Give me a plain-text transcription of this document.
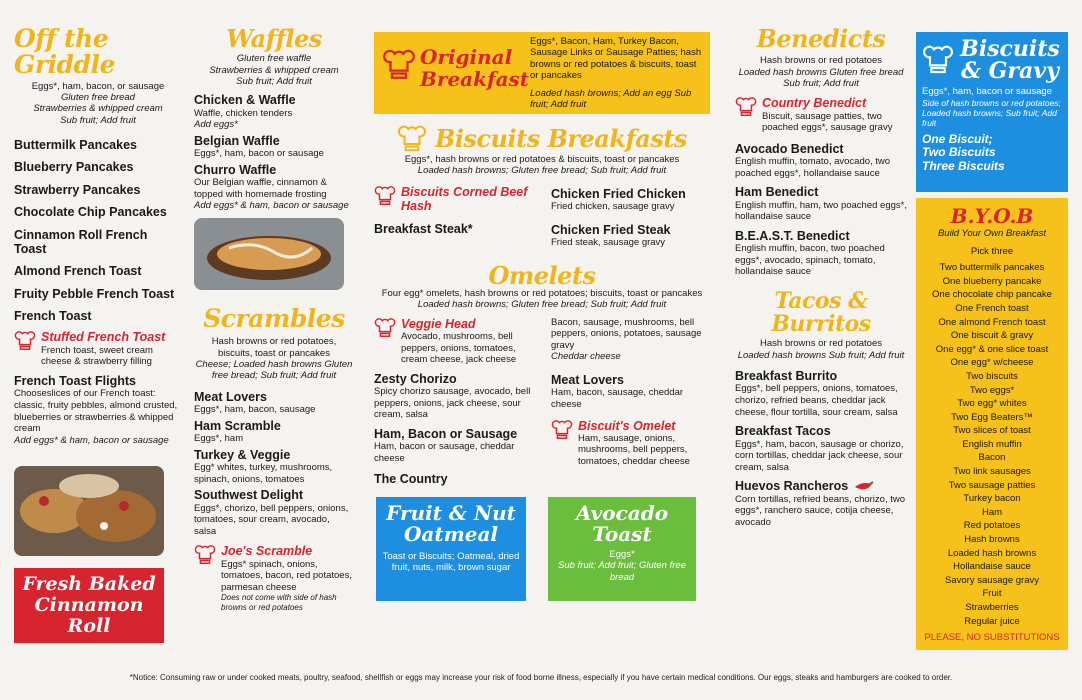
Off the Griddle
Eggs*, ham, bacon, or sausage
Gluten free bread
Strawberries & whipped cream
Sub fruit; Add fruit
Buttermilk Pancakes
Blueberry Pancakes
Strawberry Pancakes
Chocolate Chip Pancakes
Cinnamon Roll French Toast
Almond French Toast
Fruity Pebble French Toast
French Toast
Stuffed French Toast
French toast, sweet cream cheese & strawberry filling
French Toast Flights
Chooseslices of our French toast: classic, fruity pebbles, almond crusted, blueberries or strawberries & whipped cream
Add eggs* & ham, bacon or sausage
Fresh Baked Cinnamon Roll
Waffles
Gluten free waffle
Strawberries & whipped cream
Sub fruit; Add fruit
Chicken & Waffle
Waffle, chicken tenders
Add eggs*
Belgian Waffle
Eggs*, ham, bacon or sausage
Churro Waffle
Our Belgian waffle, cinnamon & topped with homemade frosting
Add eggs* & ham, bacon or sausage
Scrambles
Hash browns or red potatoes, biscuits, toast or pancakes
Cheese; Loaded hash browns Gluten free bread; Sub fruit; Add fruit
Meat Lovers
Eggs*, ham, bacon, sausage
Ham Scramble
Eggs*, ham
Turkey & Veggie
Egg* whites, turkey, mushrooms, spinach, onions, tomatoes
Southwest Delight
Eggs*, chorizo, bell peppers, onions, tomatoes, sour cream, avocado, salsa
Joe's Scramble
Eggs* spinach, onions, tomatoes, bacon, red potatoes, parmesan cheese
Does not come with side of hash browns or red potatoes
Original Breakfast
Eggs*, Bacon, Ham, Turkey Bacon, Sausage Links or Sausage Patties; hash browns or red potatoes & biscuits, toast or pancakes
Loaded hash browns; Add an egg Sub fruit; Add fruit
Biscuits Breakfasts
Eggs*, hash browns or red potatoes & biscuits, toast or pancakes
Loaded hash browns; Gluten free bread; Sub fruit; Add fruit
Biscuits Corned Beef Hash
Breakfast Steak*
Chicken Fried Chicken
Fried chicken, sausage gravy
Chicken Fried Steak
Fried steak, sausage gravy
Omelets
Four egg* omelets, hash browns or red potatoes; biscuits, toast or pancakes
Loaded hash browns; Gluten free bread; Sub fruit; Add fruit
Veggie Head
Avocado, mushrooms, bell peppers, onions, tomatoes, cream cheese, jack cheese
Zesty Chorizo
Spicy chorizo sausage, avocado, bell peppers, onions, jack cheese, sour cream, salsa
Ham, Bacon or Sausage
Ham, bacon or sausage, cheddar cheese
The Country
Bacon, sausage, mushrooms, bell peppers, onions, potatoes, sausage gravy
Cheddar cheese
Meat Lovers
Ham, bacon, sausage, cheddar cheese
Biscuit's Omelet
Ham, sausage, onions, mushrooms, bell peppers, tomatoes, cheddar cheese
Fruit & Nut Oatmeal
Toast or Biscuits; Oatmeal, dried fruit, nuts, milk, brown sugar
Avocado Toast
Eggs*
Sub fruit; Add fruit; Gluten free bread
Benedicts
Hash browns or red potatoes
Loaded hash browns Gluten free bread Sub fruit; Add fruit
Country Benedict
Biscuit, sausage patties, two poached eggs*, sausage gravy
Avocado Benedict
English muffin, tomato, avocado, two poached eggs*, hollandaise sauce
Ham Benedict
English muffin, ham, two poached eggs*, hollandaise sauce
B.E.A.S.T. Benedict
English muffin, bacon, two poached eggs*, avocado, spinach, tomato, hollandaise sauce
Tacos & Burritos
Hash browns or red potatoes
Loaded hash browns Sub fruit; Add fruit
Breakfast Burrito
Eggs*, bell peppers, onions, tomatoes, chorizo, refried beans, cheddar jack cheese, flour tortilla, sour cream, salsa
Breakfast Tacos
Eggs*, ham, bacon, sausage or chorizo, corn tortillas, cheddar jack cheese, sour cream, salsa
Huevos Rancheros
Corn tortillas, refried beans, chorizo, two eggs*, ranchero sauce, cotija cheese, avocado
Biscuits & Gravy
Eggs*, ham, bacon or sausage
Side of hash browns or red potatoes; Loaded hash browns; Sub fruit; Add fruit
One Biscuit;
Two Biscuits
Three Biscuits
B.Y.O.B
Build Your Own Breakfast
Pick three
Two buttermilk pancakes
One blueberry pancake
One chocolate chip pancake
One French toast
One almond French toast
One biscuit & gravy
One egg* & one slice toast
One egg* w/cheese
Two biscuits
Two eggs*
Two egg* whites
Two Egg Beaters™
Two slices of toast
English muffin
Bacon
Two link sausages
Two sausage patties
Turkey bacon
Ham
Red potatoes
Hash browns
Loaded hash browns
Hollandaise sauce
Savory sausage gravy
Fruit
Strawberries
Regular juice
PLEASE, NO SUBSTITUTIONS
*Notice: Consuming raw or under cooked meats, poultry, seafood, shellfish or eggs may increase your risk of food borne illness, especially if you have certain medical conditions. Our eggs, steaks and hamburgers are cooked to order.
